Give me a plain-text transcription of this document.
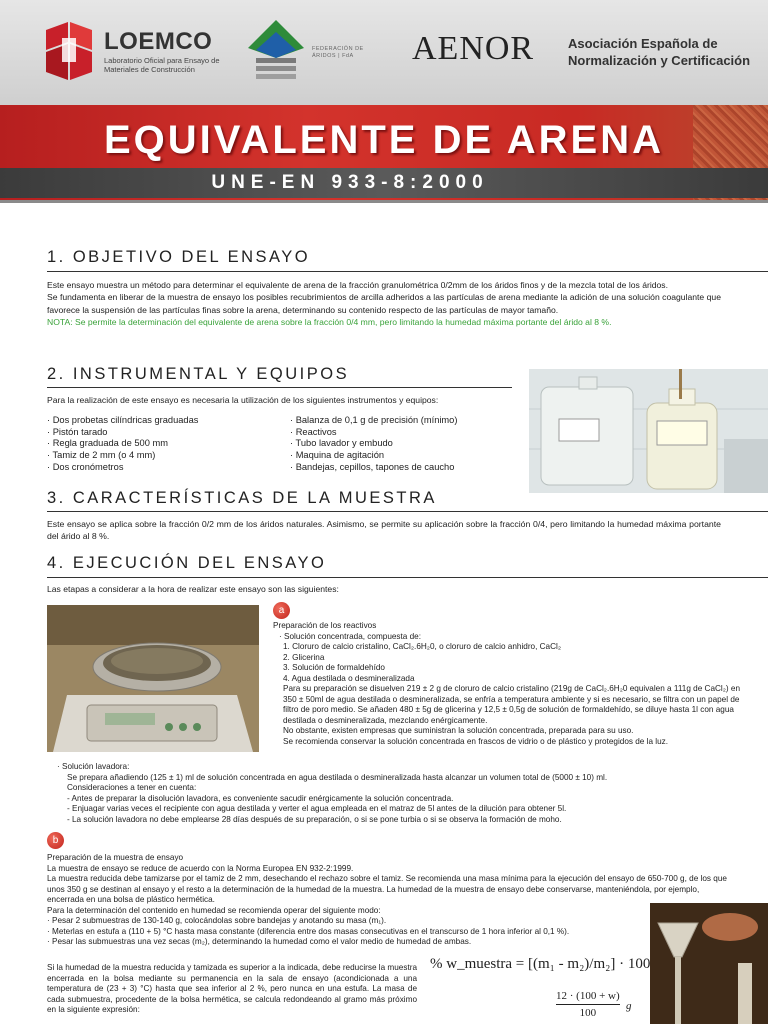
LOEMCO
Laboratorio Oficial para Ensayo de Materiales de Construcción
FEDERACIÓN DE ÁRIDOS | FdA	AENOR	Asociación Española de Normalización y Certificación
EQUIVALENTE DE ARENA
UNE-EN 933-8:2000
1. OBJETIVO DEL ENSAYO
Este ensayo muestra un método para determinar el equivalente de arena de la fracción granulométrica 0/2mm de los áridos finos y de la mezcla total de los áridos.
Se fundamenta en liberar de la muestra de ensayo los posibles recubrimientos de arcilla adheridos a las partículas de arena mediante la adición de una solución coagulante que favorece la suspensión de las partículas finas sobre la arena, determinando su contenido respecto de las partículas de mayor tamaño.
NOTA: Se permite la determinación del equivalente de arena sobre la fracción 0/4 mm, pero limitando la humedad máxima portante del árido al 8 %.
2. INSTRUMENTAL Y EQUIPOS
Para la realización de este ensayo es necesaria la utilización de los siguientes instrumentos y equipos:
· Dos probetas cilíndricas graduadas
· Pistón tarado
· Regla graduada de 500 mm
· Tamiz de 2 mm (o 4 mm)
· Dos cronómetros
· Balanza de 0,1 g de precisión (mínimo)
· Reactivos
· Tubo lavador y embudo
· Maquina de agitación
· Bandejas, cepillos, tapones de caucho
3. CARACTERÍSTICAS DE LA MUESTRA
Este ensayo se aplica sobre la fracción 0/2 mm de los áridos naturales. Asimismo, se permite su aplicación sobre la fracción 0/4, pero limitando la humedad máxima portante del árido al 8 %.
4. EJECUCIÓN DEL ENSAYO
Las etapas a considerar a la hora de realizar este ensayo son las siguientes:
a
Preparación de los reactivos
· Solución concentrada, compuesta de:
1. Cloruro de calcio cristalino, CaCl₂.6H₂0, o cloruro de calcio anhidro, CaCl₂
2. Glicerina
3. Solución de formaldehído
4. Agua destilada o desmineralizada
Para su preparación se disuelven 219 ± 2 g de cloruro de calcio cristalino (219g de CaCl₂.6H₂0 equivalen a 111g de CaCl₂) en 350 ± 50ml de agua destilada o desmineralizada, se enfría a temperatura ambiente y si es necesario, se filtra con un papel de filtro de poro medio. Se añaden 480 ± 5g de glicerina y 12,5 ± 0,5g de solución de formaldehído, se diluye hasta 1l con agua destilada o desmineralizada, mezclando enérgicamente.
No obstante, existen empresas que suministran la solución concentrada, preparada para su uso.
Se recomienda conservar la solución concentrada en frascos de vidrio o de plástico y protegidos de la luz.
· Solución lavadora:
Se prepara añadiendo (125 ± 1) ml de solución concentrada en agua destilada o desmineralizada hasta alcanzar un volumen total de (5000 ± 10) ml.
Consideraciones a tener en cuenta:
- Antes de preparar la disolución lavadora, es conveniente sacudir enérgicamente la solución concentrada.
- Enjuagar varias veces el recipiente con agua destilada y verter el agua empleada en el matraz de 5l antes de la dilución para obtener 5l.
- La solución lavadora no debe emplearse 28 días después de su preparación, o si se pone turbia o si se observa la formación de moho.
b
Preparación de la muestra de ensayo
La muestra de ensayo se reduce de acuerdo con la Norma Europea EN 932-2:1999.
La muestra reducida debe tamizarse por el tamiz de 2 mm, desechando el rechazo sobre el tamiz. Se recomienda una masa mínima para la ejecución del ensayo de 650-700 g, de los que unos 350 g se destinan al ensayo y el resto a la determinación de la humedad de la muestra. La humedad de la muestra de ensayo debe conservarse, manteniéndola, por ejemplo, encerrada en una bolsa de plástico hermética.
Para la determinación del contenido en humedad se recomienda operar del siguiente modo:
· Pesar 2 submuestras de 130-140 g, colocándolas sobre bandejas y anotando su masa (m₁).
· Meterlas en estufa a (110 + 5) °C hasta masa constante (diferencia entre dos masas consecutivas en el transcurso de 1 hora inferior al 0,1 %).
· Pesar las submuestras una vez secas (m₂), determinando la humedad como el valor medio de humedad de ambas.
Si la humedad de la muestra reducida y tamizada es superior a la indicada, debe reducirse la muestra encerrada en la bolsa mediante su permanencia en la sala de ensayo (acondicionada a una temperatura de (23 + 3) °C) hasta que sea inferior al 2 %, pero nunca en una estufa. La masa de cada submuestra, procedente de la bolsa hermética, se calcula redondeando al gramo más próximo en la siguiente expresión:
% w_muestra = [(m₁ - m₂)/m₂] · 100
12 · (100 + w)
100
g
